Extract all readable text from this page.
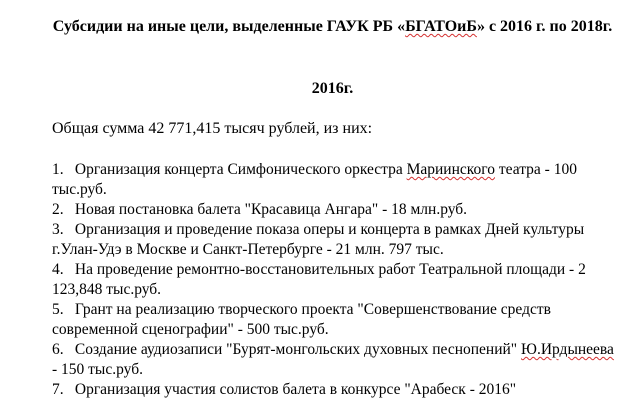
Субсидии на иные цели, выделенные ГАУК РБ «БГАТОиБ» с 2016 г. по 2018г.
2016г.
Общая сумма 42 771,415 тысяч рублей, из них:
1. Организация концерта Симфонического оркестра Мариинского театра - 100 тыс.руб.
2. Новая постановка балета "Красавица Ангара" - 18 млн.руб.
3. Организация и проведение показа оперы и концерта в рамках Дней культуры г.Улан-Удэ в Москве и Санкт-Петербурге - 21 млн. 797 тыс.
4. На проведение ремонтно-восстановительных работ Театральной площади - 2 123,848 тыс.руб.
5. Грант на реализацию творческого проекта "Совершенствование средств современной сценографии" - 500 тыс.руб.
6. Создание аудиозаписи "Бурят-монгольских духовных песнопений" Ю.Ирдынеева - 150 тыс.руб.
7. Организация участия солистов балета в конкурсе "Арабеск - 2016"
